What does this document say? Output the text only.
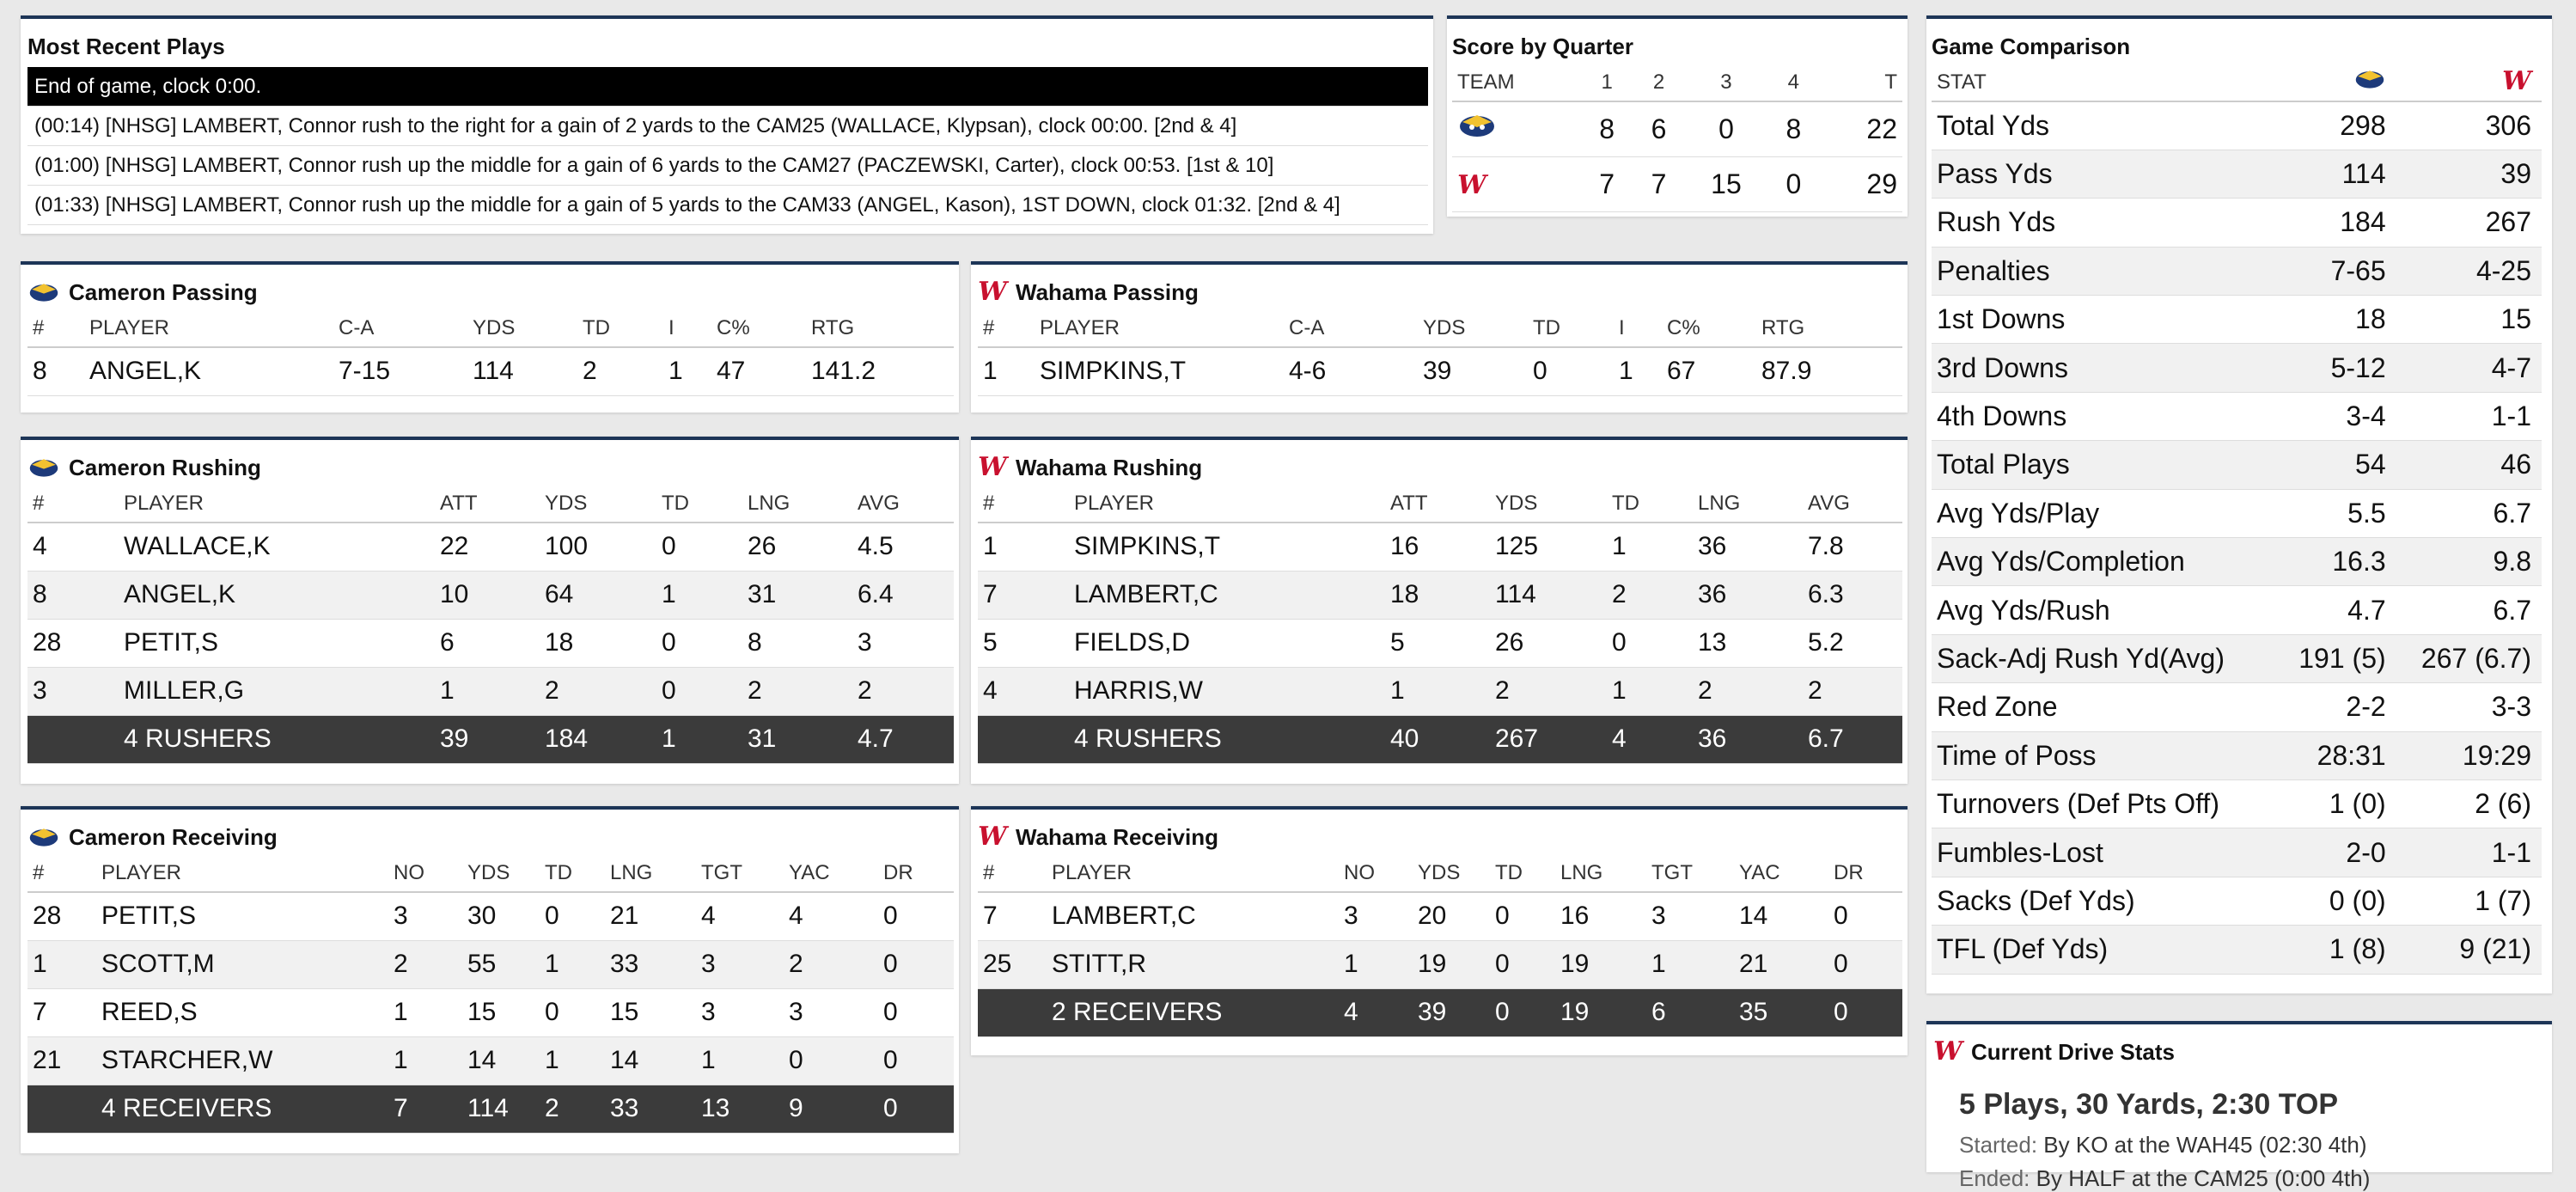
Most Recent Plays
End of game, clock 0:00.
(00:14) [NHSG] LAMBERT, Connor rush to the right for a gain of 2 yards to the CAM25 (WALLACE, Klypsan), clock 00:00. [2nd & 4]
(01:00) [NHSG] LAMBERT, Connor rush up the middle for a gain of 6 yards to the CAM27 (PACZEWSKI, Carter), clock 00:53. [1st & 10]
(01:33) [NHSG] LAMBERT, Connor rush up the middle for a gain of 5 yards to the CAM33 (ANGEL, Kason), 1ST DOWN, clock 01:32. [2nd & 4]
Score by Quarter
TEAM	1	2	3	4	T
	8	6	0	8	22
W	7	7	15	0	29
Game Comparison
STAT		W
Total Yds	298	306
Pass Yds	114	39
Rush Yds	184	267
Penalties	7-65	4-25
1st Downs	18	15
3rd Downs	5-12	4-7
4th Downs	3-4	1-1
Total Plays	54	46
Avg Yds/Play	5.5	6.7
Avg Yds/Completion	16.3	9.8
Avg Yds/Rush	4.7	6.7
Sack-Adj Rush Yd(Avg)	191 (5)	267 (6.7)
Red Zone	2-2	3-3
Time of Poss	28:31	19:29
Turnovers (Def Pts Off)	1 (0)	2 (6)
Fumbles-Lost	2-0	1-1
Sacks (Def Yds)	0 (0)	1 (7)
TFL (Def Yds)	1 (8)	9 (21)
W Current Drive Stats
5 Plays, 30 Yards, 2:30 TOP
Started: By KO at the WAH45 (02:30 4th)
Ended: By HALF at the CAM25 (0:00 4th)
Cameron Passing
#	PLAYER	C-A	YDS	TD	I	C%	RTG
8	ANGEL,K	7-15	114	2	1	47	141.2
W Wahama Passing
#	PLAYER	C-A	YDS	TD	I	C%	RTG
1	SIMPKINS,T	4-6	39	0	1	67	87.9
Cameron Rushing
#	PLAYER	ATT	YDS	TD	LNG	AVG
4	WALLACE,K	22	100	0	26	4.5
8	ANGEL,K	10	64	1	31	6.4
28	PETIT,S	6	18	0	8	3
3	MILLER,G	1	2	0	2	2
	4 RUSHERS	39	184	1	31	4.7
W Wahama Rushing
#	PLAYER	ATT	YDS	TD	LNG	AVG
1	SIMPKINS,T	16	125	1	36	7.8
7	LAMBERT,C	18	114	2	36	6.3
5	FIELDS,D	5	26	0	13	5.2
4	HARRIS,W	1	2	1	2	2
	4 RUSHERS	40	267	4	36	6.7
Cameron Receiving
#	PLAYER	NO	YDS	TD	LNG	TGT	YAC	DR
28	PETIT,S	3	30	0	21	4	4	0
1	SCOTT,M	2	55	1	33	3	2	0
7	REED,S	1	15	0	15	3	3	0
21	STARCHER,W	1	14	1	14	1	0	0
	4 RECEIVERS	7	114	2	33	13	9	0
W Wahama Receiving
#	PLAYER	NO	YDS	TD	LNG	TGT	YAC	DR
7	LAMBERT,C	3	20	0	16	3	14	0
25	STITT,R	1	19	0	19	1	21	0
	2 RECEIVERS	4	39	0	19	6	35	0
